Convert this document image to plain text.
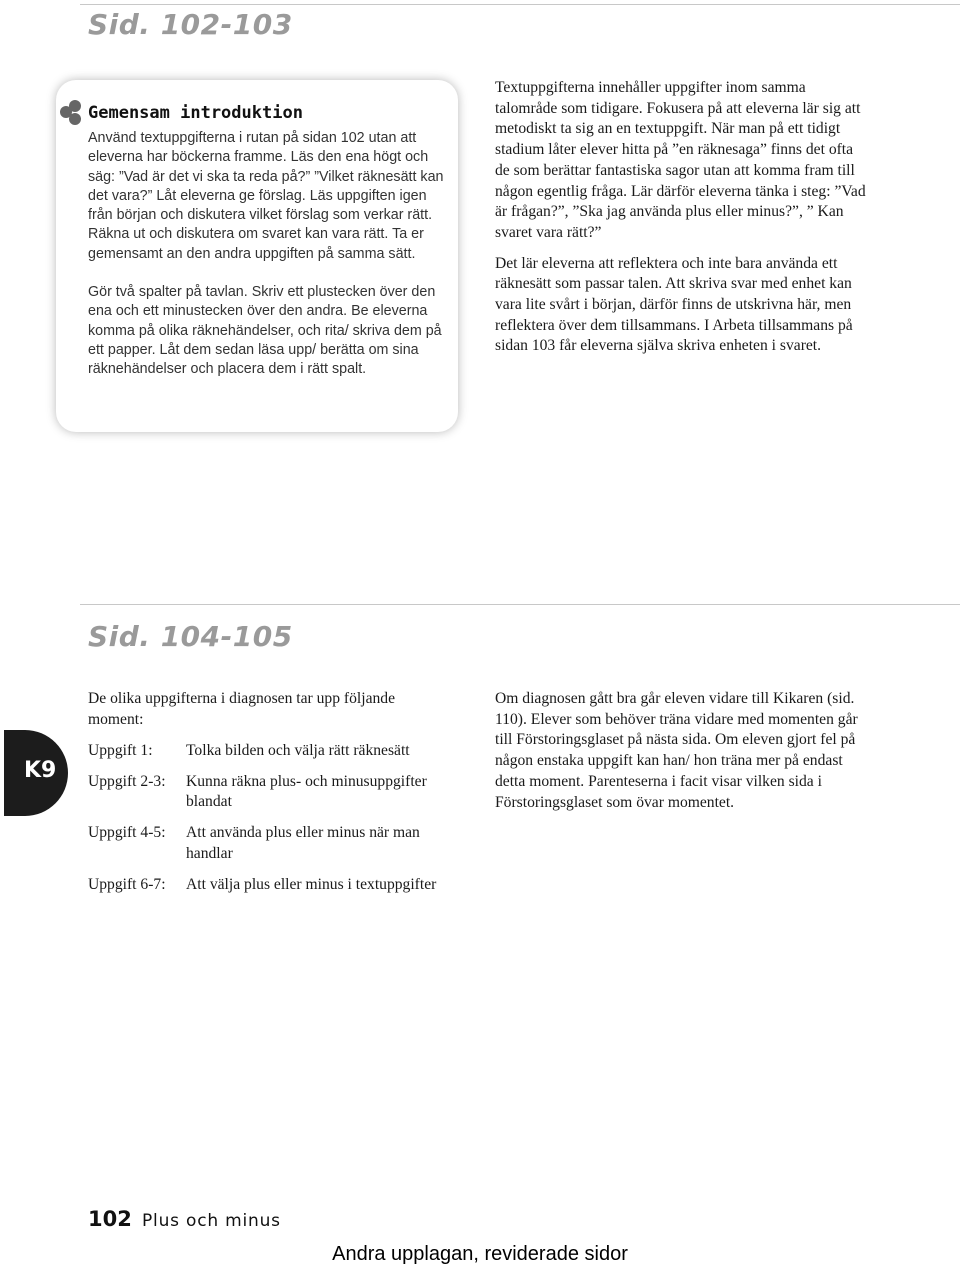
Sid. 102-103
Gemensam introduktion

Använd textuppgifterna i rutan på sidan 102 utan att eleverna har böckerna framme. Läs den ena högt och säg: ”Vad är det vi ska ta reda på?” ”Vilket räknesätt kan det vara?” Låt eleverna ge förslag. Läs uppgiften igen från början och diskutera vilket förslag som verkar rätt. Räkna ut och diskutera om svaret kan vara rätt. Ta er gemensamt an den andra uppgiften på samma sätt.

Gör två spalter på tavlan. Skriv ett plustecken över den ena och ett minustecken över den andra. Be eleverna komma på olika räknehändelser, och rita/ skriva dem på ett papper. Låt dem sedan läsa upp/ berätta om sina räknehändelser och placera dem i rätt spalt.

Textuppgifterna innehåller uppgifter inom samma talområde som tidigare. Fokusera på att eleverna lär sig att metodiskt ta sig an en textuppgift. När man på ett tidigt stadium låter elever hitta på ”en räknesaga” finns det ofta de som berättar fantastiska sagor utan att komma fram till någon egentlig fråga. Lär därför eleverna tänka i steg: ”Vad är frågan?”, ”Ska jag använda plus eller minus?”, ” Kan svaret vara rätt?”

Det lär eleverna att reflektera och inte bara använda ett räknesätt som passar talen. Att skriva svar med enhet kan vara lite svårt i början, därför finns de utskrivna här, men reflektera över dem tillsammans. I Arbeta tillsammans på sidan 103 får eleverna själva skriva enheten i svaret.

Sid. 104-105
K9

De olika uppgifterna i diagnosen tar upp följande moment:

Uppgift 1:	Tolka bilden och välja rätt räknesätt
Uppgift 2-3:	Kunna räkna plus- och minusuppgifter blandat
Uppgift 4-5:	Att använda plus eller minus när man handlar
Uppgift 6-7:	Att välja plus eller minus i textuppgifter

Om diagnosen gått bra går eleven vidare till Kikaren (sid. 110). Elever som behöver träna vidare med momenten går till Förstoringsglaset på nästa sida. Om eleven gjort fel på någon enstaka uppgift kan han/ hon träna mer på endast detta moment. Parenteserna i facit visar vilken sida i Förstoringsglaset som övar momentet.

102 Plus och minus
Andra upplagan, reviderade sidor
